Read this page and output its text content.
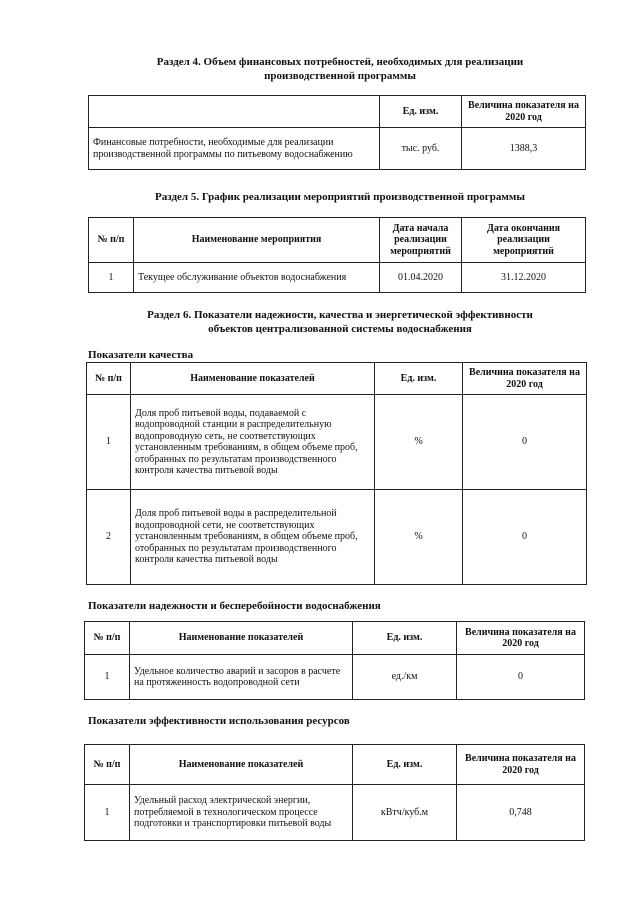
Раздел 4. Объем финансовых потребностей, необходимых для реализации
производственной программы
	Ед. изм.	Величина показателя на 2020 год
Финансовые потребности, необходимые для реализации производственной программы по питьевому водоснабжению	тыс. руб.	1388,3
Раздел 5. График реализации мероприятий производственной программы
№ п/п	Наименование мероприятия	Дата начала реализации мероприятий	Дата окончания реализации мероприятий
1	Текущее обслуживание объектов водоснабжения	01.04.2020	31.12.2020
Раздел 6. Показатели надежности, качества и энергетической эффективности
объектов централизованной системы водоснабжения
Показатели качества
№ п/п	Наименование показателей	Ед. изм.	Величина показателя на 2020 год
1	Доля проб питьевой воды, подаваемой с водопроводной станции в распределительную водопроводную сеть, не соответствующих установленным требованиям, в общем объеме проб, отобранных по результатам производственного контроля качества питьевой воды	%	0
2	Доля проб питьевой воды в распределительной водопроводной сети, не соответствующих установленным требованиям, в общем объеме проб, отобранных по результатам производственного контроля качества питьевой воды	%	0
Показатели надежности и бесперебойности водоснабжения
№ п/п	Наименование показателей	Ед. изм.	Величина показателя на 2020 год
1	Удельное количество аварий и засоров в расчете на протяженность водопроводной сети	ед./км	0
Показатели эффективности использования ресурсов
№ п/п	Наименование показателей	Ед. изм.	Величина показателя на 2020 год
1	Удельный расход электрической энергии, потребляемой в технологическом процессе подготовки и транспортировки питьевой воды	кВтч/куб.м	0,748
